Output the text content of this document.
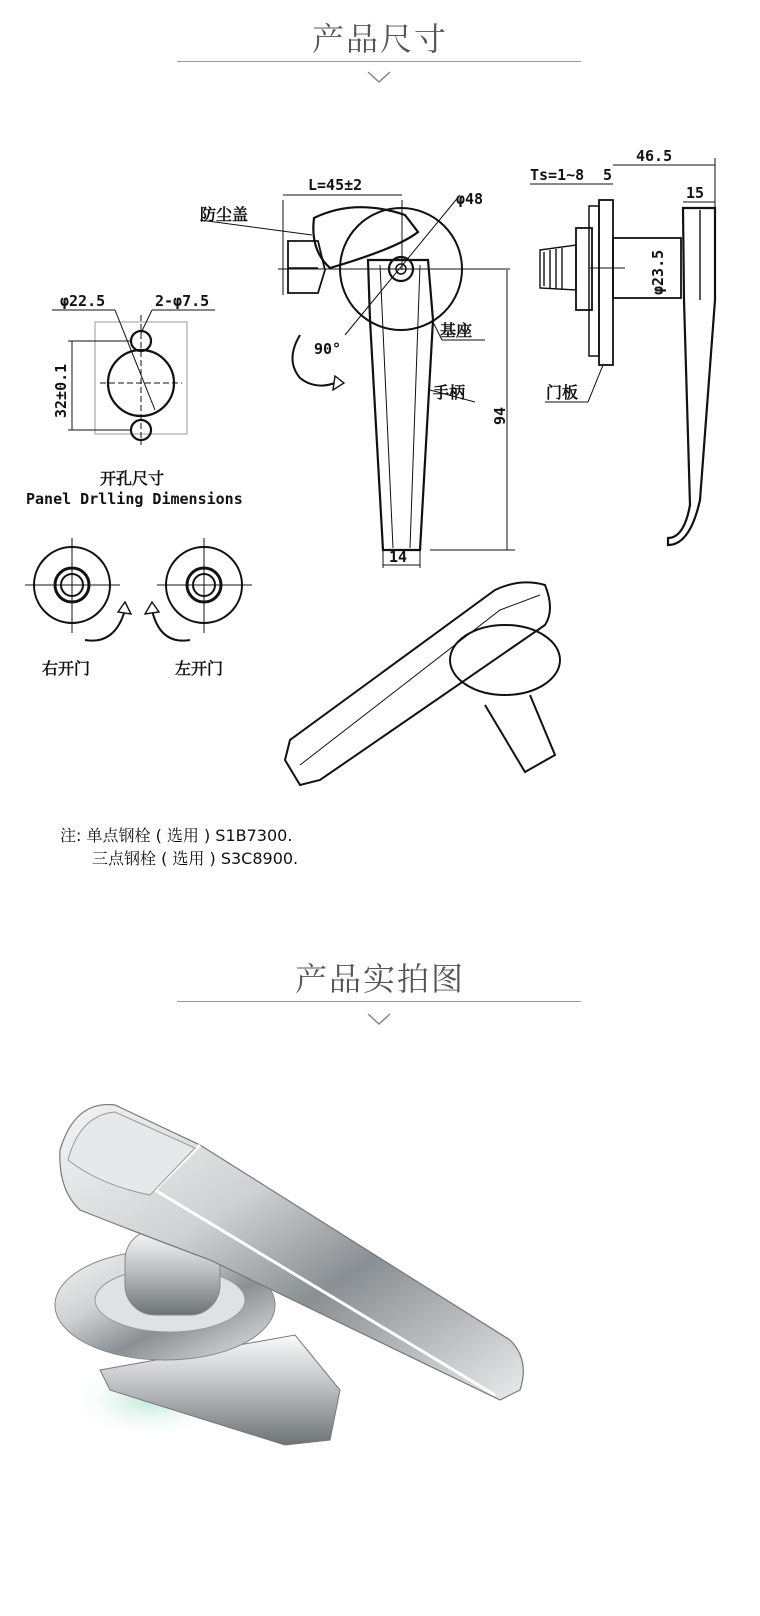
产品尺寸
L=45±2
φ48
防尘盖
基座
手柄
90°
94
14
Ts=1~8 5
46.5
15
φ23.5
门板
φ22.5	2-φ7.5
32±0.1
开孔尺寸
Panel Drlling Dimensions
右开门	左开门
注: 单点钢栓 ( 选用 ) S1B7300.
三点钢栓 ( 选用 ) S3C8900.
产品实拍图
